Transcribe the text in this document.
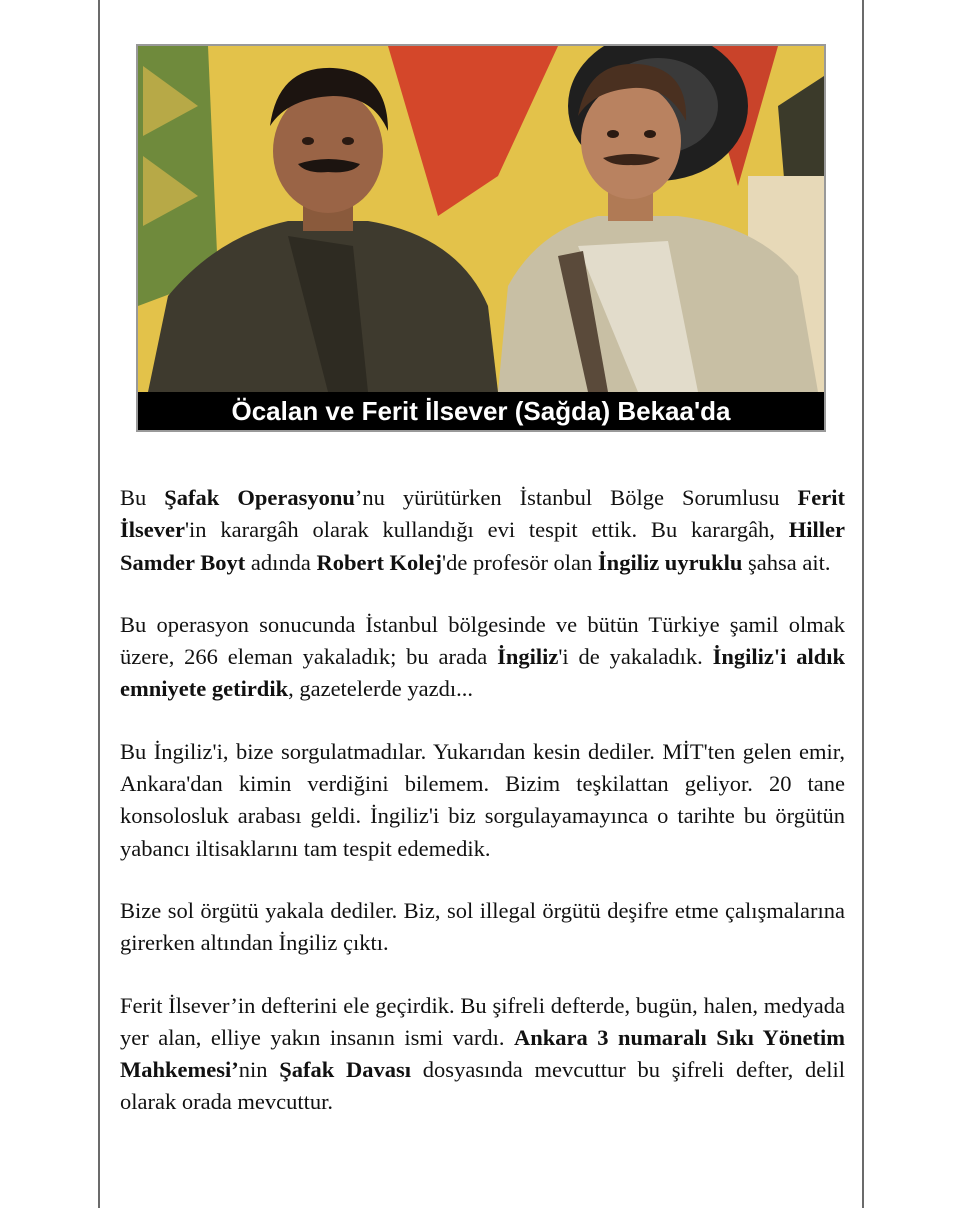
Öcalan ve Ferit İlsever (Sağda) Bekaa'da

Bu Şafak Operasyonu’nu yürütürken İstanbul Bölge Sorumlusu Ferit İlsever'in karargâh olarak kullandığı evi tespit ettik. Bu karargâh, Hiller Samder Boyt adında Robert Kolej'de profesör olan İngiliz uyruklu şahsa ait.

Bu operasyon sonucunda İstanbul bölgesinde ve bütün Türkiye şamil olmak üzere, 266 eleman yakaladık; bu arada İngiliz'i de yakaladık. İngiliz'i aldık emniyete getirdik, gazetelerde yazdı...

Bu İngiliz'i, bize sorgulatmadılar. Yukarıdan kesin dediler. MİT'ten gelen emir, Ankara'dan kimin verdiğini bilemem. Bizim teşkilattan geliyor. 20 tane konsolosluk arabası geldi. İngiliz'i biz sorgulayamayınca o tarihte bu örgütün yabancı iltisaklarını tam tespit edemedik.

Bize sol örgütü yakala dediler. Biz, sol illegal örgütü deşifre etme çalışmalarına girerken altından İngiliz çıktı.

Ferit İlsever’in defterini ele geçirdik. Bu şifreli defterde, bugün, halen, medyada yer alan, elliye yakın insanın ismi vardı. Ankara 3 numaralı Sıkı Yönetim Mahkemesi’nin Şafak Davası dosyasında mevcuttur bu şifreli defter, delil olarak orada mevcuttur.
